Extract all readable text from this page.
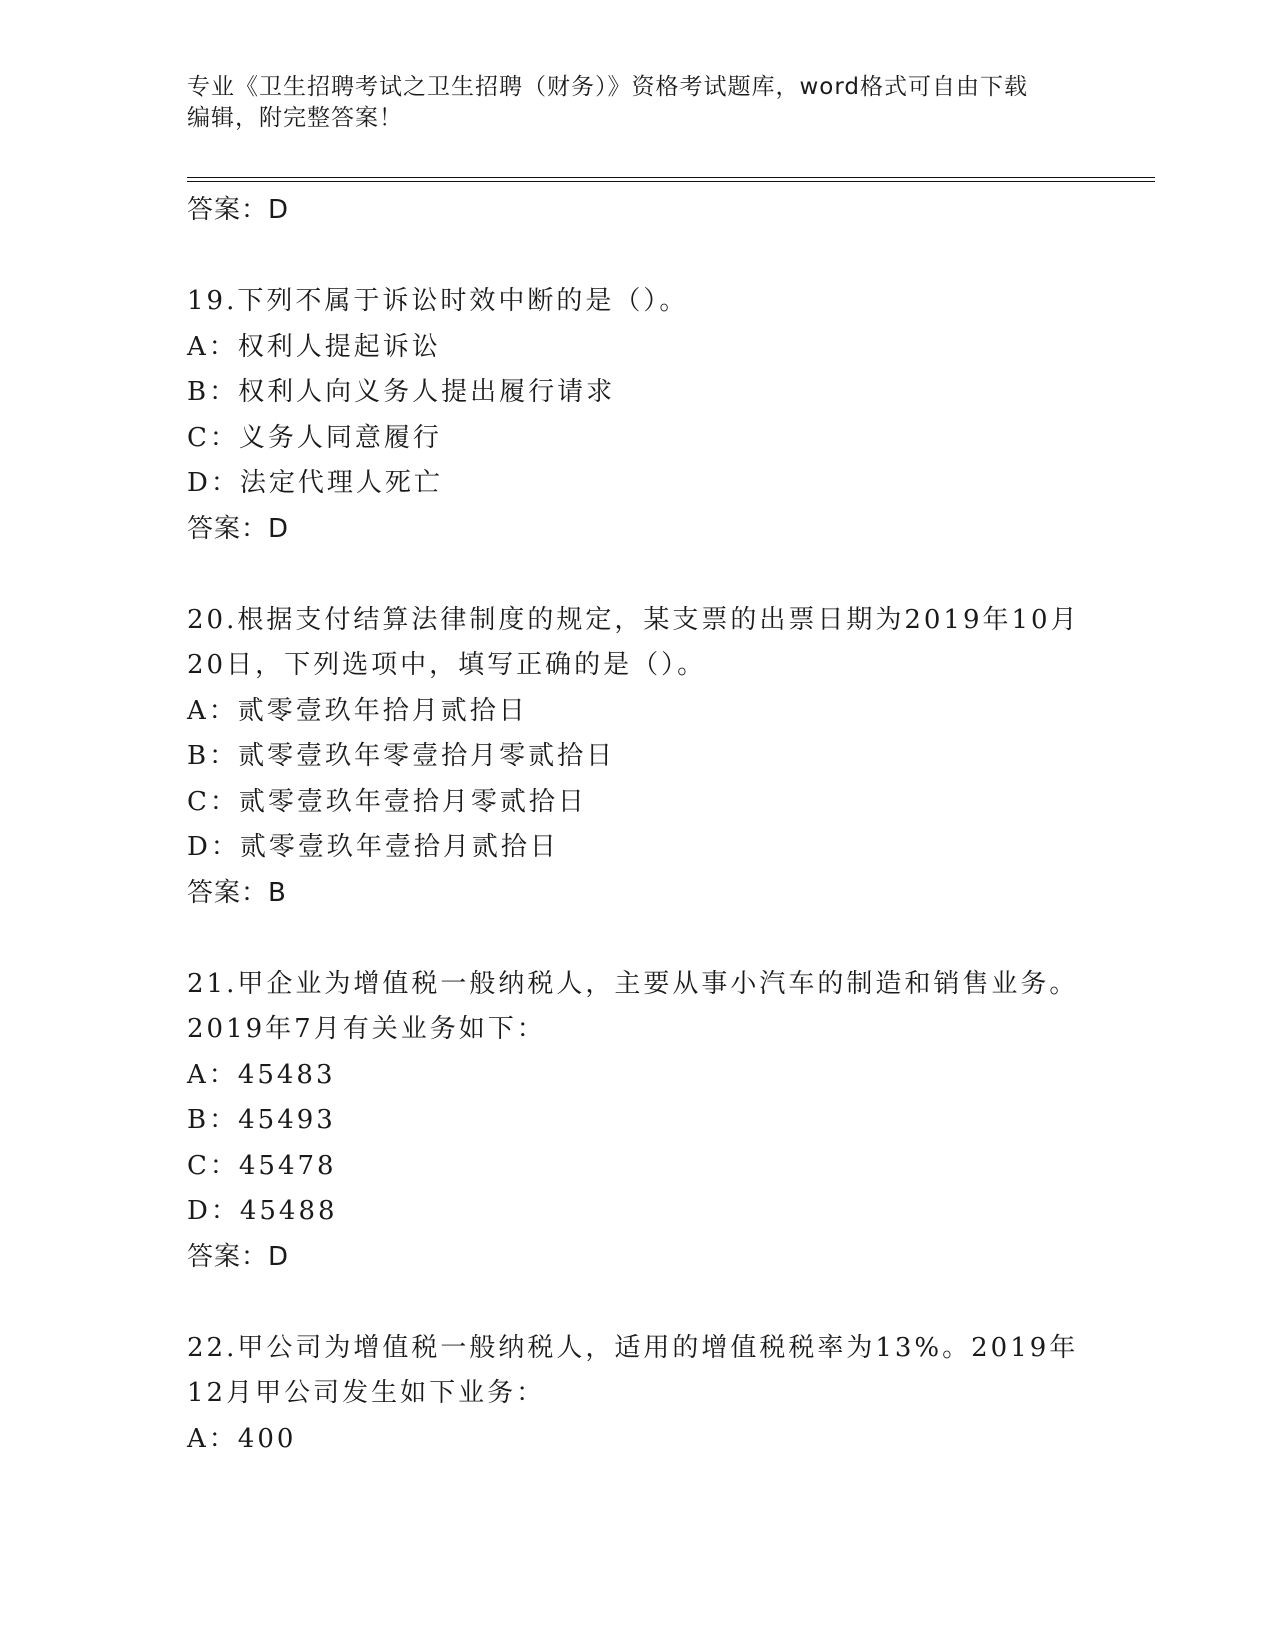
专业《卫生招聘考试之卫生招聘（财务）》资格考试题库，word格式可自由下载
编辑，附完整答案！
答案：D
19.下列不属于诉讼时效中断的是（）。
A：权利人提起诉讼
B：权利人向义务人提出履行请求
C：义务人同意履行
D：法定代理人死亡
答案：D
20.根据支付结算法律制度的规定，某支票的出票日期为2019年10月
20日，下列选项中，填写正确的是（）。
A：贰零壹玖年拾月贰拾日
B：贰零壹玖年零壹拾月零贰拾日
C：贰零壹玖年壹拾月零贰拾日
D：贰零壹玖年壹拾月贰拾日
答案：B
21.甲企业为增值税一般纳税人，主要从事小汽车的制造和销售业务。
2019年7月有关业务如下：
A：45483
B：45493
C：45478
D：45488
答案：D
22.甲公司为增值税一般纳税人，适用的增值税税率为13%。2019年
12月甲公司发生如下业务：
A：400
